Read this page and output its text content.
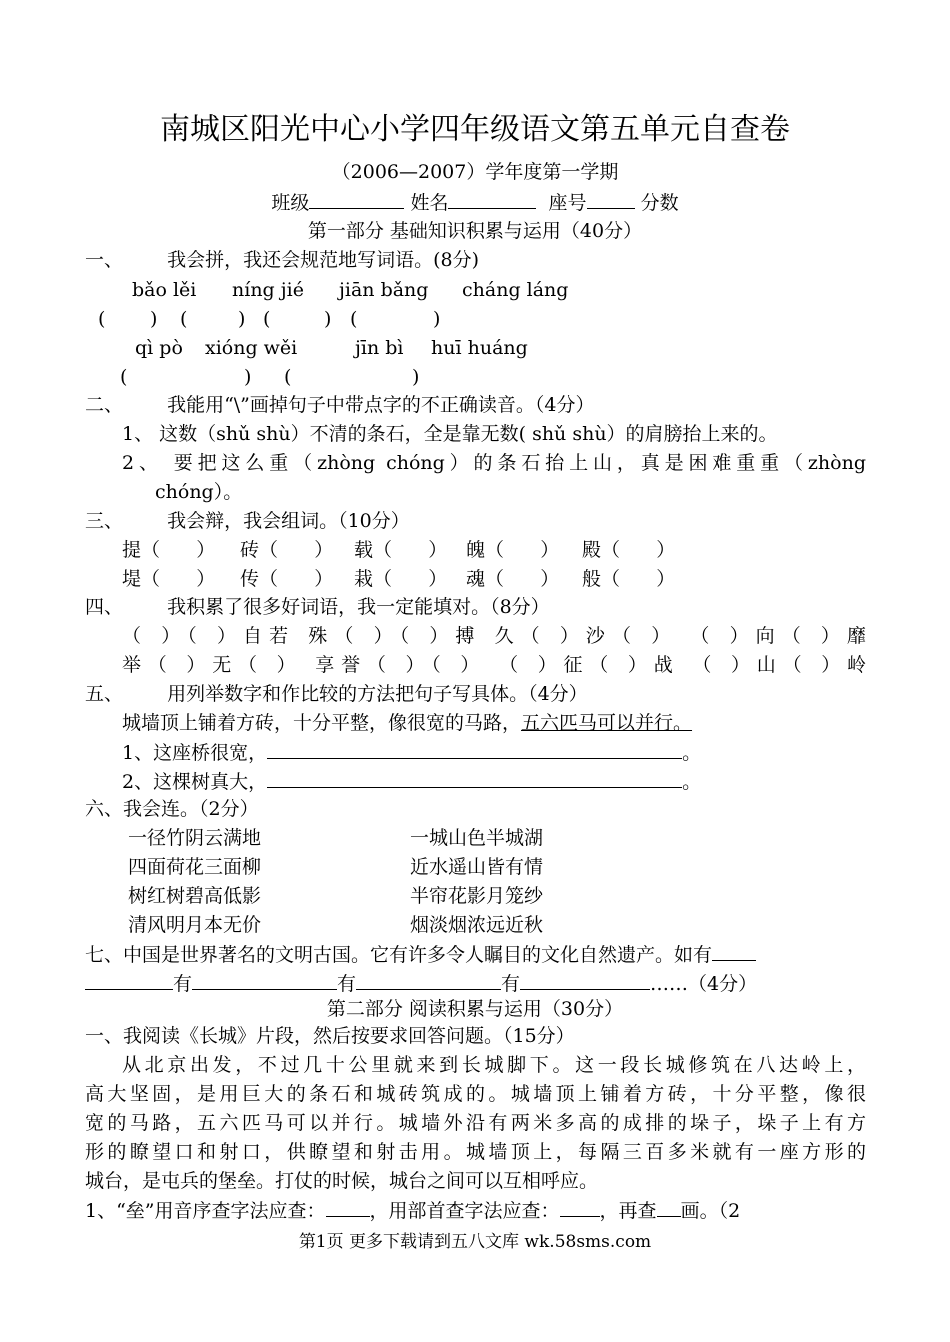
南城区阳光中心小学四年级语文第五单元自查卷
（2006—2007）学年度第一学期
班级	姓名	座号	分数
第一部分 基础知识积累与运用（40分）
一、 我会拼，我还会规范地写词语。(8分)
bǎo lěi níng jié jiān bǎng cháng láng
( ) (	) (	) (	)
qì pò xióng wěi	jīn bì huī huáng
(	) (	)
二、 我能用“\”画掉句子中带点字的不正确读音。（4分）
1、 这数（shǔ shù）不清的条石，全是靠无数( shǔ shù）的肩膀抬上来的。
2、 要把这么重（zhòng chóng）的条石抬上山，真是困难重重（zhòng
chóng）。
三、 我会辩，我会组词。（10分）
提（      ） 砖（      ） 载（      ） 魄（      ） 殿（      ）
堤（      ） 传（      ） 栽（      ） 魂（      ） 般（      ）
四、 我积累了很多好词语，我一定能填对。（8分）
（ ）（ ）自若 殊（ ）（ ）搏 久（ ）沙（ ） （ ）向（ ）靡
举（ ）无（ ） 享誉（ ）（ ） （ ）征（ ）战 （ ）山（ ）岭
五、 用列举数字和作比较的方法把句子写具体。（4分）
城墙顶上铺着方砖，十分平整，像很宽的马路，五六匹马可以并行。
1、这座桥很宽，	。
2、这棵树真大，	。
六、我会连。（2分）
一径竹阴云满地	一城山色半城湖
四面荷花三面柳	近水遥山皆有情
树红树碧高低影	半帘花影月笼纱
清风明月本无价	烟淡烟浓远近秋
七、中国是世界著名的文明古国。它有许多令人瞩目的文化自然遗产。如有
有	有	有	……（4分）
第二部分 阅读积累与运用（30分）
一、我阅读《长城》片段，然后按要求回答问题。（15分）
从北京出发，不过几十公里就来到长城脚下。这一段长城修筑在八达岭上，
高大坚固，是用巨大的条石和城砖筑成的。城墙顶上铺着方砖，十分平整，像很
宽的马路，五六匹马可以并行。城墙外沿有两米多高的成排的垛子，垛子上有方
形的瞭望口和射口，供瞭望和射击用。城墙顶上，每隔三百多米就有一座方形的
城台，是屯兵的堡垒。打仗的时候，城台之间可以互相呼应。
1、“垒”用音序查字法应查： ，用部首查字法应查： ，再查 画。（2
第1页 更多下载请到五八文库 wk.58sms.com
